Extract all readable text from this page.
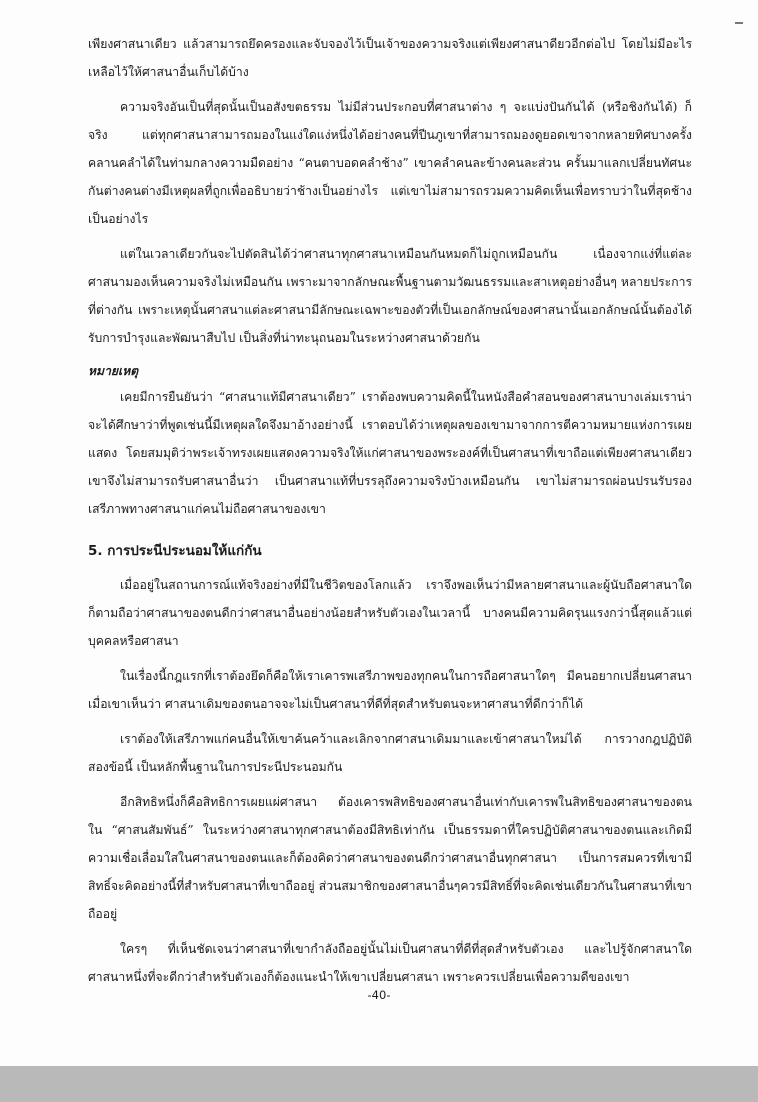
เพียงศาสนาเดียว แล้วสามารถยึดครองและจับจองไว้เป็นเจ้าของความจริงแต่เพียงศาสนาดียวอีกต่อไป โดยไม่มีอะไรเหลือไว้ให้ศาสนาอื่นเก็บได้บ้าง

ความจริงอันเป็นที่สุดนั้นเป็นอสังขตธรรม ไม่มีส่วนประกอบที่ศาสนาต่าง ๆ จะแบ่งปันกันได้ (หรือชิงกันได้) ก็จริง แต่ทุกศาสนาสามารถมองในแง่ใดแง่หนึ่งได้อย่างคนที่ปีนภูเขาที่สามารถมองดูยอดเขาจากหลายทิศบางครั้งคลานคลำได้ในท่ามกลางความมืดอย่าง “คนตาบอดคลำช้าง” เขาคลำคนละข้างคนละส่วน ครั้นมาแลกเปลี่ยนทัศนะกันต่างคนต่างมีเหตุผลที่ถูกเพื่ออธิบายว่าช้างเป็นอย่างไร แต่เขาไม่สามารถรวมความคิดเห็นเพื่อทราบว่าในที่สุดช้างเป็นอย่างไร

แต่ในเวลาเดียวกันจะไปตัดสินได้ว่าศาสนาทุกศาสนาเหมือนกันหมดก็ไม่ถูกเหมือนกัน เนื่องจากแง่ที่แต่ละศาสนามองเห็นความจริงไม่เหมือนกัน เพราะมาจากลักษณะพื้นฐานตามวัฒนธรรมและสาเหตุอย่างอื่นๆ หลายประการที่ต่างกัน เพราะเหตุนั้นศาสนาแต่ละศาสนามีลักษณะเฉพาะของตัวที่เป็นเอกลักษณ์ของศาสนานั้นเอกลักษณ์นั้นต้องได้รับการบำรุงและพัฒนาสืบไป เป็นสิ่งที่น่าทะนุถนอมในระหว่างศาสนาด้วยกัน

หมายเหตุ

เคยมีการยืนยันว่า “ศาสนาแท้มีศาสนาเดียว” เราต้องพบความคิดนี้ในหนังสือคำสอนของศาสนาบางเล่มเราน่าจะได้ศึกษาว่าที่พูดเช่นนี้มีเหตุผลใดจึงมาอ้างอย่างนี้ เราตอบได้ว่าเหตุผลของเขามาจากการตีความหมายแห่งการเผยแสดง โดยสมมุติว่าพระเจ้าทรงเผยแสดงความจริงให้แก่ศาสนาของพระองค์ที่เป็นศาสนาที่เขาถือแต่เพียงศาสนาเดียว เขาจึงไม่สามารถรับศาสนาอื่นว่า เป็นศาสนาแท้ที่บรรลุถึงความจริงบ้างเหมือนกัน เขาไม่สามารถผ่อนปรนรับรองเสรีภาพทางศาสนาแก่คนไม่ถือศาสนาของเขา

5. การประนีประนอมให้แก่กัน

เมื่ออยู่ในสถานการณ์แท้จริงอย่างที่มีในชีวิตของโลกแล้ว เราจึงพอเห็นว่ามีหลายศาสนาและผู้นับถือศาสนาใดก็ตามถือว่าศาสนาของตนดีกว่าศาสนาอื่นอย่างน้อยสำหรับตัวเองในเวลานี้ บางคนมีความคิดรุนแรงกว่านี้สุดแล้วแต่บุคคลหรือศาสนา

ในเรื่องนี้กฎแรกที่เราต้องยึดก็คือให้เราเคารพเสรีภาพของทุกคนในการถือศาสนาใดๆ มีคนอยากเปลี่ยนศาสนาเมื่อเขาเห็นว่า ศาสนาเดิมของตนอาจจะไม่เป็นศาสนาที่ดีที่สุดสำหรับตนจะหาศาสนาที่ดีกว่าก็ได้

เราต้องให้เสรีภาพแก่คนอื่นให้เขาค้นคว้าและเลิกจากศาสนาเดิมมาและเข้าศาสนาใหม่ได้ การวางกฎปฏิบัติสองข้อนี้ เป็นหลักพื้นฐานในการประนีประนอมกัน

อีกสิทธิหนึ่งก็คือสิทธิการเผยแผ่ศาสนา ต้องเคารพสิทธิของศาสนาอื่นเท่ากับเคารพในสิทธิของศาสนาของตน ใน “ศาสนสัมพันธ์” ในระหว่างศาสนาทุกศาสนาต้องมีสิทธิเท่ากัน เป็นธรรมดาที่ใครปฏิบัติศาสนาของตนและเกิดมีความเชื่อเลื่อมใสในศาสนาของตนและก็ต้องคิดว่าศาสนาของตนดีกว่าศาสนาอื่นทุกศาสนา เป็นการสมควรที่เขามีสิทธิ์จะคิดอย่างนี้ที่สำหรับศาสนาที่เขาถืออยู่ ส่วนสมาชิกของศาสนาอื่นๆควรมีสิทธิ์ที่จะคิดเช่นเดียวกันในศาสนาที่เขาถืออยู่

ใครๆ ที่เห็นชัดเจนว่าศาสนาที่เขากำลังถืออยู่นั้นไม่เป็นศาสนาที่ดีที่สุดสำหรับตัวเอง และไปรู้จักศาสนาใดศาสนาหนึ่งที่จะดีกว่าสำหรับตัวเองก็ต้องแนะนำให้เขาเปลี่ยนศาสนา เพราะควรเปลี่ยนเพื่อความดีของเขา

-40-
